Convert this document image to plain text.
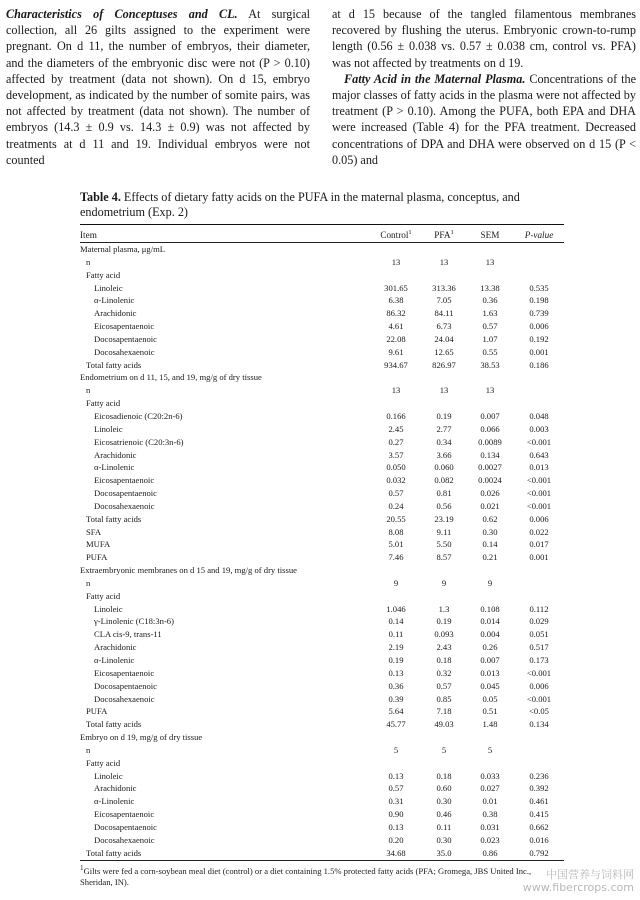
Characteristics of Conceptuses and CL. At surgical collection, all 26 gilts assigned to the experiment were pregnant. On d 11, the number of embryos, their diameter, and the diameters of the embryonic disc were not (P > 0.10) affected by treatment (data not shown). On d 15, embryo development, as indicated by the number of somite pairs, was not affected by treatment (data not shown). The number of embryos (14.3 ± 0.9 vs. 14.3 ± 0.9) was not affected by treatments at d 11 and 19. Individual embryos were not counted

at d 15 because of the tangled filamentous membranes recovered by flushing the uterus. Embryonic crown-to-rump length (0.56 ± 0.038 vs. 0.57 ± 0.038 cm, control vs. PFA) was not affected by treatments on d 19.

Fatty Acid in the Maternal Plasma. Concentrations of the major classes of fatty acids in the plasma were not affected by treatment (P > 0.10). Among the PUFA, both EPA and DHA were increased (Table 4) for the PFA treatment. Decreased concentrations of DPA and DHA were observed on d 15 (P < 0.05) and

Table 4. Effects of dietary fatty acids on the PUFA in the maternal plasma, conceptus, and endometrium (Exp. 2)

Item	Control$^1$	PFA$^1$	SEM	P-value

Maternal plasma, μg/mL				
n	13	13	13	
Fatty acid				
Linoleic	301.65	313.36	13.38	0.535
α-Linolenic	6.38	7.05	0.36	0.198
Arachidonic	86.32	84.11	1.63	0.739
Eicosapentaenoic	4.61	6.73	0.57	0.006
Docosapentaenoic	22.08	24.04	1.07	0.192
Docosahexaenoic	9.61	12.65	0.55	0.001
Total fatty acids	934.67	826.97	38.53	0.186
Endometrium on d 11, 15, and 19, mg/g of dry tissue				
n	13	13	13	
Fatty acid				
Eicosadienoic (C20:2n-6)	0.166	0.19	0.007	0.048
Linoleic	2.45	2.77	0.066	0.003
Eicosatrienoic (C20:3n-6)	0.27	0.34	0.0089	<0.001
Arachidonic	3.57	3.66	0.134	0.643
α-Linolenic	0.050	0.060	0.0027	0.013
Eicosapentaenoic	0.032	0.082	0.0024	<0.001
Docosapentaenoic	0.57	0.81	0.026	<0.001
Docosahexaenoic	0.24	0.56	0.021	<0.001
Total fatty acids	20.55	23.19	0.62	0.006
SFA	8.08	9.11	0.30	0.022
MUFA	5.01	5.50	0.14	0.017
PUFA	7.46	8.57	0.21	0.001
Extraembryonic membranes on d 15 and 19, mg/g of dry tissue				
n	9	9	9	
Fatty acid				
Linoleic	1.046	1.3	0.108	0.112
γ-Linolenic (C18:3n-6)	0.14	0.19	0.014	0.029
CLA cis-9, trans-11	0.11	0.093	0.004	0.051
Arachidonic	2.19	2.43	0.26	0.517
α-Linolenic	0.19	0.18	0.007	0.173
Eicosapentaenoic	0.13	0.32	0.013	<0.001
Docosapentaenoic	0.36	0.57	0.045	0.006
Docosahexaenoic	0.39	0.85	0.05	<0.001
PUFA	5.64	7.18	0.51	<0.05
Total fatty acids	45.77	49.03	1.48	0.134
Embryo on d 19, mg/g of dry tissue				
n	5	5	5	
Fatty acid				
Linoleic	0.13	0.18	0.033	0.236
Arachidonic	0.57	0.60	0.027	0.392
α-Linolenic	0.31	0.30	0.01	0.461
Eicosapentaenoic	0.90	0.46	0.38	0.415
Docosapentaenoic	0.13	0.11	0.031	0.662
Docosahexaenoic	0.20	0.30	0.023	0.016
Total fatty acids	34.68	35.0	0.86	0.792
$^1$Gilts were fed a corn-soybean meal diet (control) or a diet containing 1.5% protected fatty acids (PFA; Gromega, JBS United Inc., Sheridan, IN).
中国营养与饲料网
www.fibercrops.com
